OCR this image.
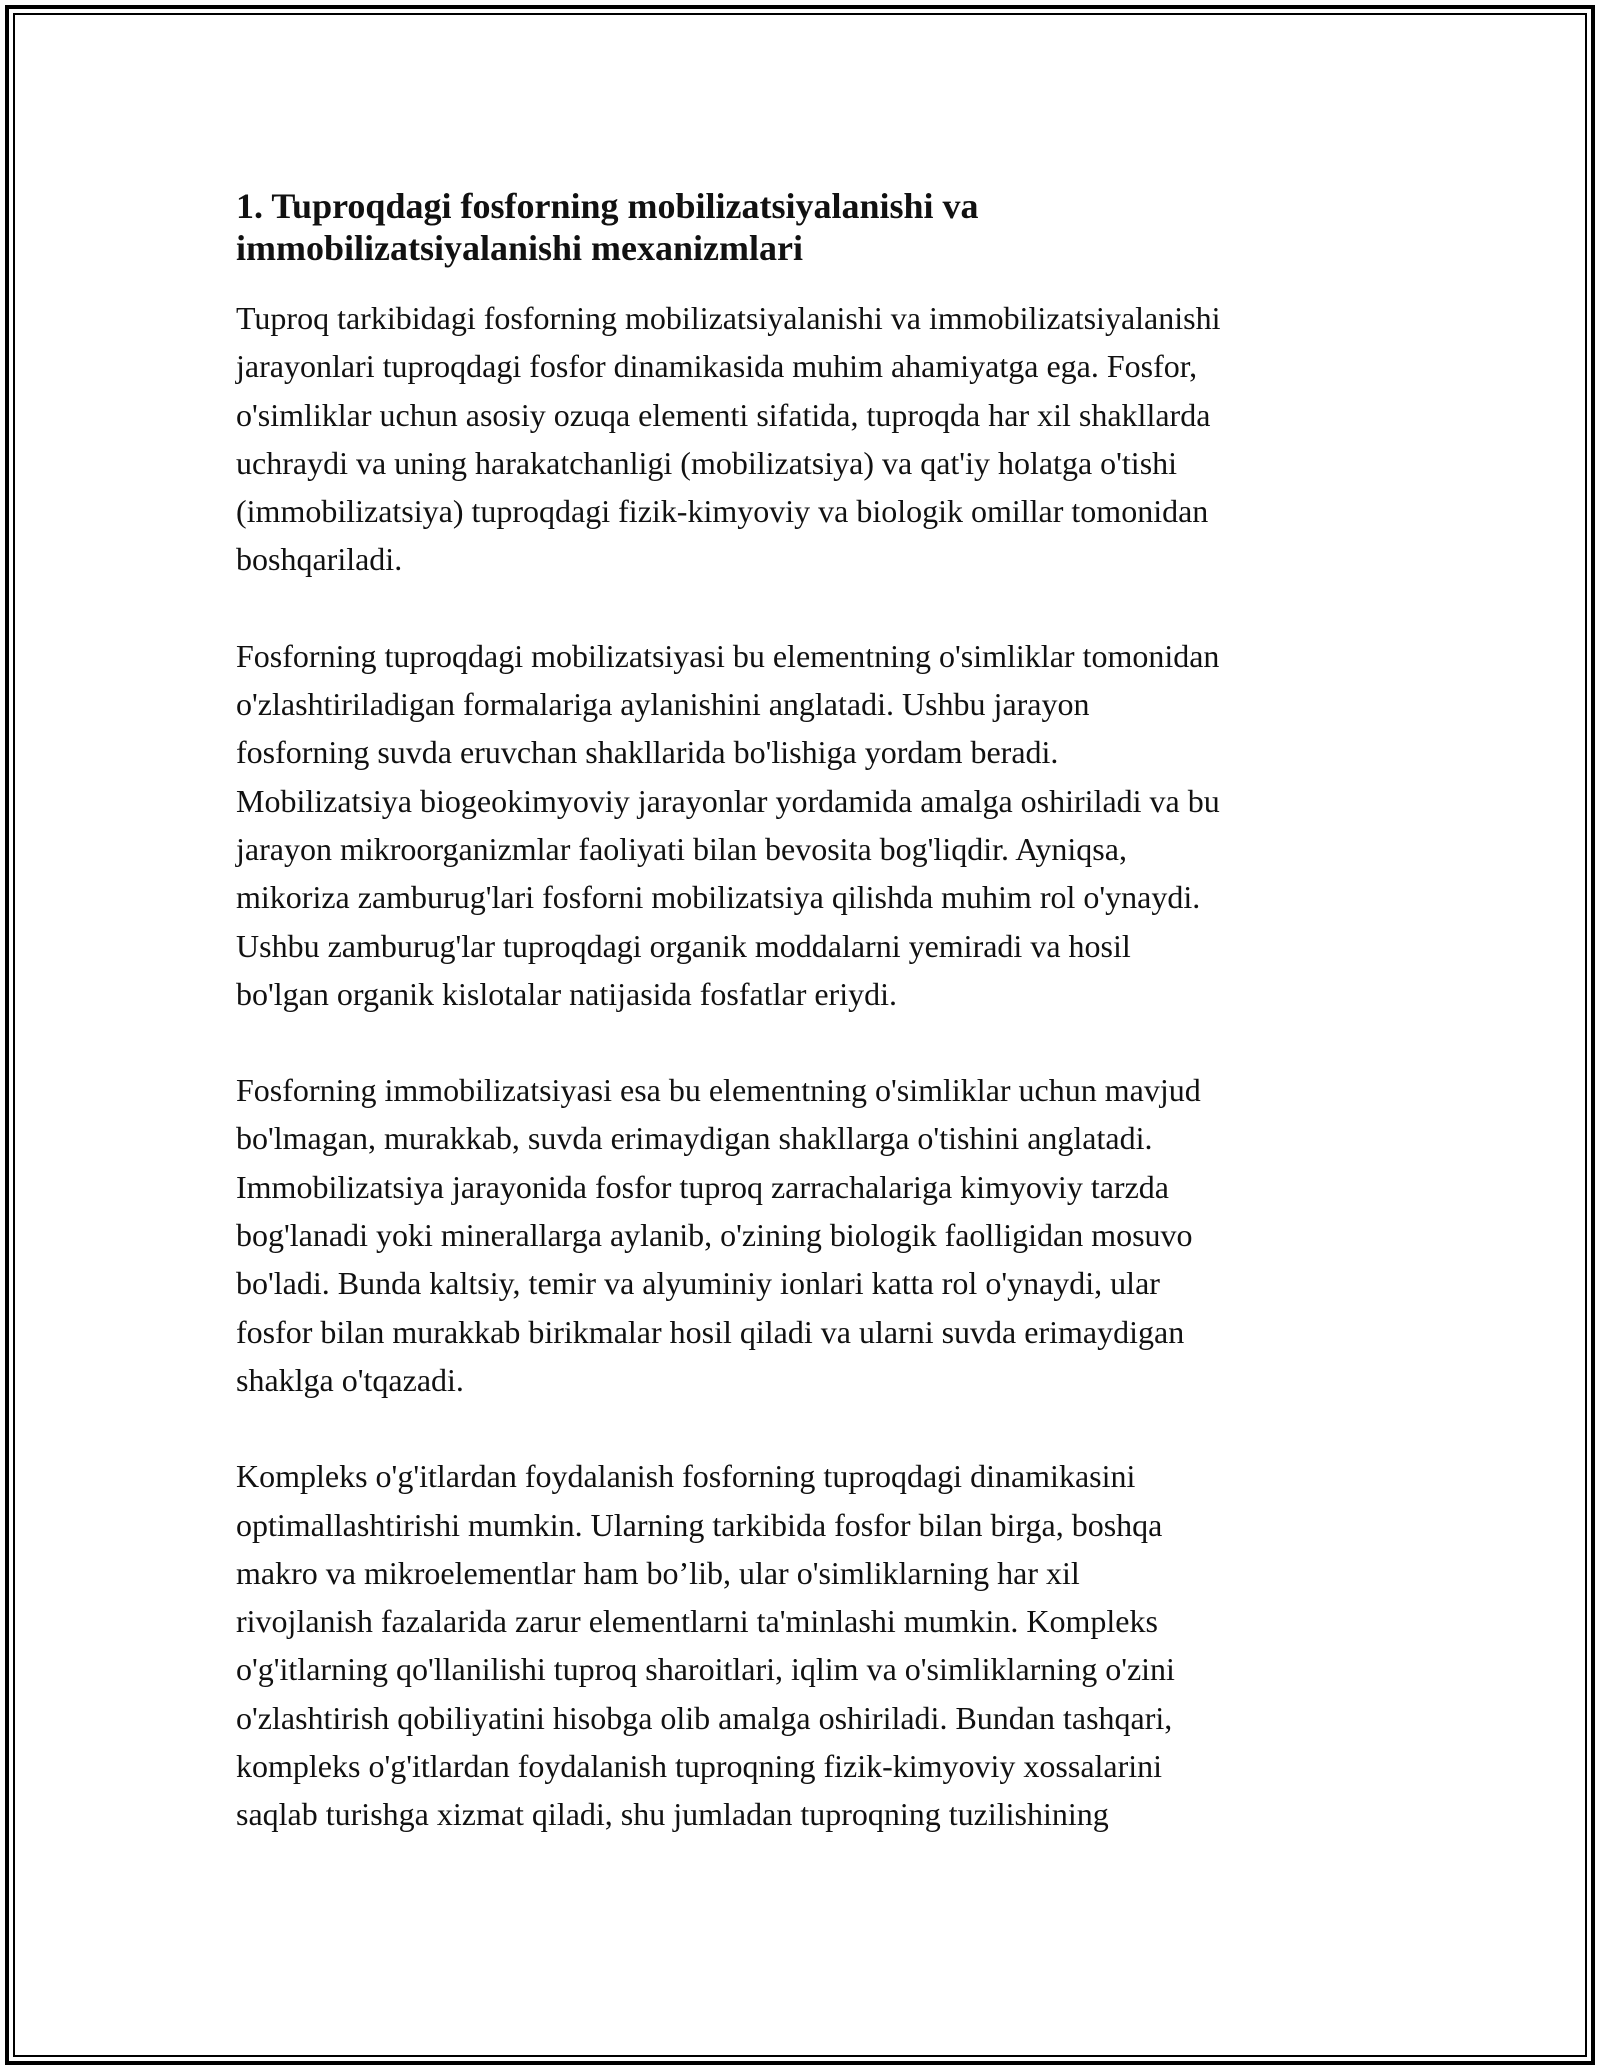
1. Tuproqdagi fosforning mobilizatsiyalanishi va
immobilizatsiyalanishi mexanizmlari

Tuproq tarkibidagi fosforning mobilizatsiyalanishi va immobilizatsiyalanishi
jarayonlari tuproqdagi fosfor dinamikasida muhim ahamiyatga ega. Fosfor,
o'simliklar uchun asosiy ozuqa elementi sifatida, tuproqda har xil shakllarda
uchraydi va uning harakatchanligi (mobilizatsiya) va qat'iy holatga o'tishi
(immobilizatsiya) tuproqdagi fizik-kimyoviy va biologik omillar tomonidan
boshqariladi.

Fosforning tuproqdagi mobilizatsiyasi bu elementning o'simliklar tomonidan
o'zlashtiriladigan formalariga aylanishini anglatadi. Ushbu jarayon
fosforning suvda eruvchan shakllarida bo'lishiga yordam beradi.
Mobilizatsiya biogeokimyoviy jarayonlar yordamida amalga oshiriladi va bu
jarayon mikroorganizmlar faoliyati bilan bevosita bog'liqdir. Ayniqsa,
mikoriza zamburug'lari fosforni mobilizatsiya qilishda muhim rol o'ynaydi.
Ushbu zamburug'lar tuproqdagi organik moddalarni yemiradi va hosil
bo'lgan organik kislotalar natijasida fosfatlar eriydi.

Fosforning immobilizatsiyasi esa bu elementning o'simliklar uchun mavjud
bo'lmagan, murakkab, suvda erimaydigan shakllarga o'tishini anglatadi.
Immobilizatsiya jarayonida fosfor tuproq zarrachalariga kimyoviy tarzda
bog'lanadi yoki minerallarga aylanib, o'zining biologik faolligidan mosuvo
bo'ladi. Bunda kaltsiy, temir va alyuminiy ionlari katta rol o'ynaydi, ular
fosfor bilan murakkab birikmalar hosil qiladi va ularni suvda erimaydigan
shaklga o'tqazadi.

Kompleks o'g'itlardan foydalanish fosforning tuproqdagi dinamikasini
optimallashtirishi mumkin. Ularning tarkibida fosfor bilan birga, boshqa
makro va mikroelementlar ham bo’lib, ular o'simliklarning har xil
rivojlanish fazalarida zarur elementlarni ta'minlashi mumkin. Kompleks
o'g'itlarning qo'llanilishi tuproq sharoitlari, iqlim va o'simliklarning o'zini
o'zlashtirish qobiliyatini hisobga olib amalga oshiriladi. Bundan tashqari,
kompleks o'g'itlardan foydalanish tuproqning fizik-kimyoviy xossalarini
saqlab turishga xizmat qiladi, shu jumladan tuproqning tuzilishining
